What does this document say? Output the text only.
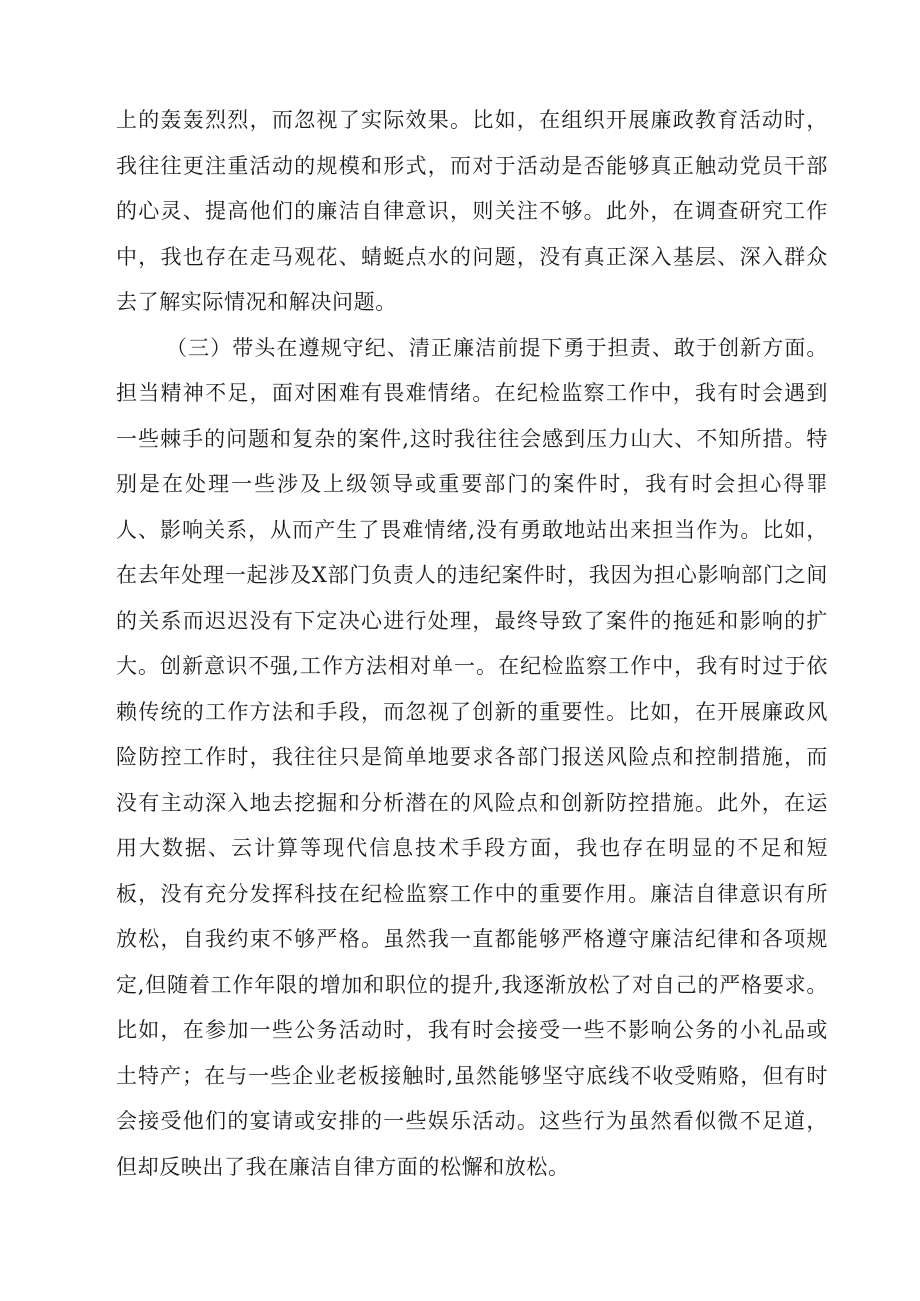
上的轰轰烈烈，而忽视了实际效果。比如，在组织开展廉政教育活动时，我往往更注重活动的规模和形式，而对于活动是否能够真正触动党员干部的心灵、提高他们的廉洁自律意识，则关注不够。此外，在调查研究工作中，我也存在走马观花、蜻蜓点水的问题，没有真正深入基层、深入群众去了解实际情况和解决问题。

（三）带头在遵规守纪、清正廉洁前提下勇于担责、敢于创新方面。担当精神不足，面对困难有畏难情绪。在纪检监察工作中，我有时会遇到一些棘手的问题和复杂的案件,这时我往往会感到压力山大、不知所措。特别是在处理一些涉及上级领导或重要部门的案件时，我有时会担心得罪人、影响关系，从而产生了畏难情绪,没有勇敢地站出来担当作为。比如，在去年处理一起涉及X部门负责人的违纪案件时，我因为担心影响部门之间的关系而迟迟没有下定决心进行处理，最终导致了案件的拖延和影响的扩大。创新意识不强,工作方法相对单一。在纪检监察工作中，我有时过于依赖传统的工作方法和手段，而忽视了创新的重要性。比如，在开展廉政风险防控工作时，我往往只是简单地要求各部门报送风险点和控制措施，而没有主动深入地去挖掘和分析潜在的风险点和创新防控措施。此外，在运用大数据、云计算等现代信息技术手段方面，我也存在明显的不足和短板，没有充分发挥科技在纪检监察工作中的重要作用。廉洁自律意识有所放松，自我约束不够严格。虽然我一直都能够严格遵守廉洁纪律和各项规定,但随着工作年限的增加和职位的提升,我逐渐放松了对自己的严格要求。比如，在参加一些公务活动时，我有时会接受一些不影响公务的小礼品或土特产；在与一些企业老板接触时,虽然能够坚守底线不收受贿赂，但有时会接受他们的宴请或安排的一些娱乐活动。这些行为虽然看似微不足道，但却反映出了我在廉洁自律方面的松懈和放松。
